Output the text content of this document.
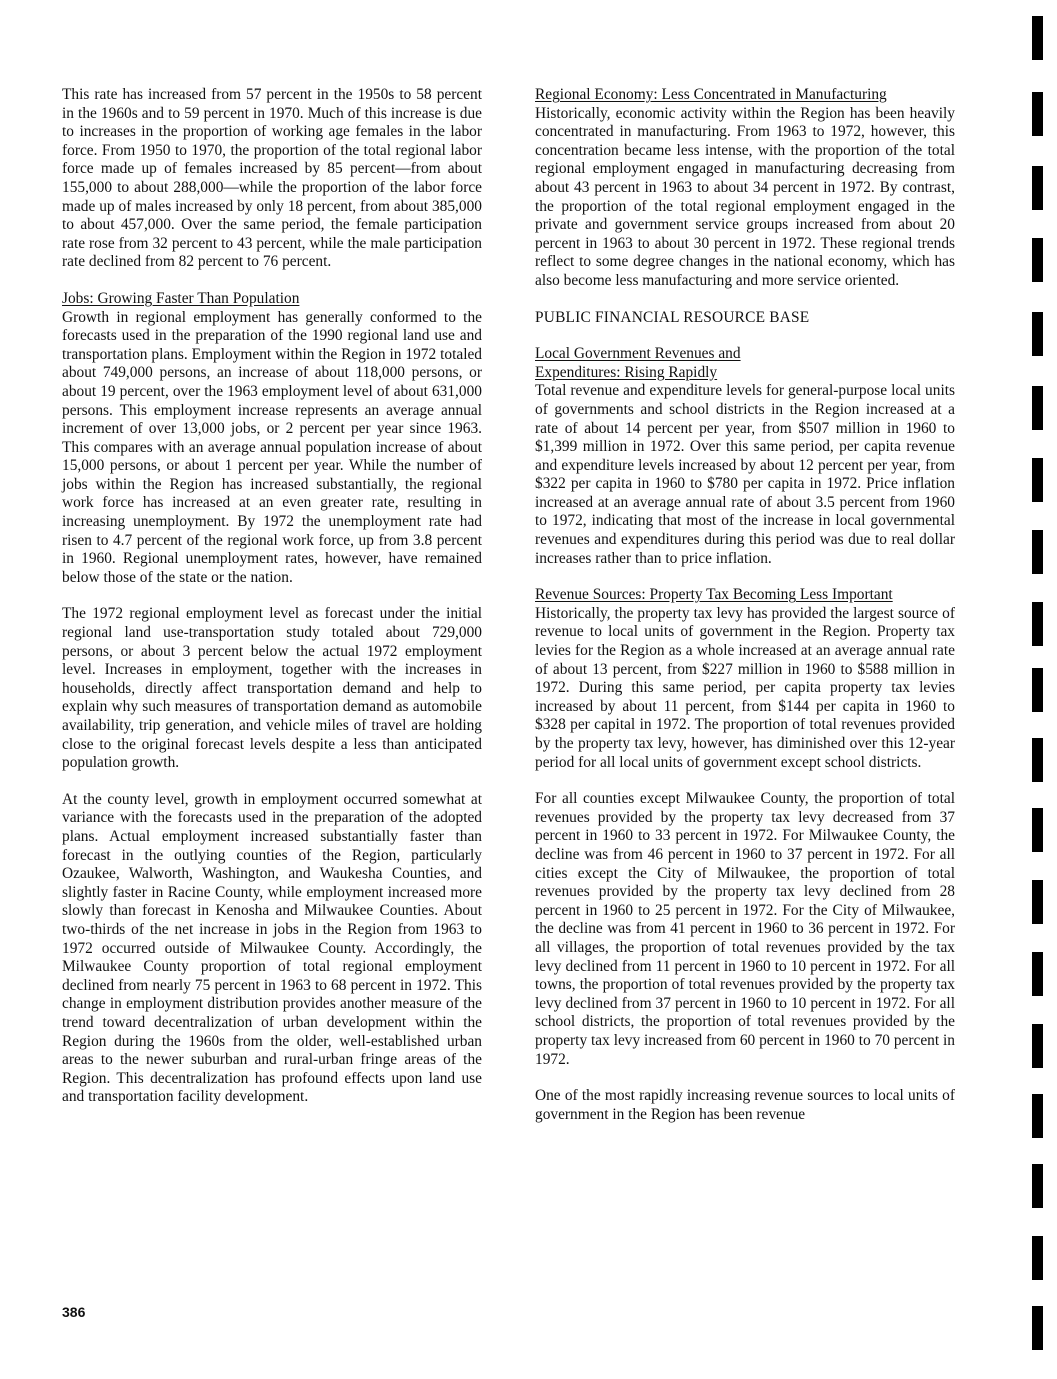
This rate has increased from 57 percent in the 1950s to 58 percent in the 1960s and to 59 percent in 1970. Much of this increase is due to increases in the proportion of working age females in the labor force. From 1950 to 1970, the proportion of the total regional labor force made up of females increased by 85 percent—from about 155,000 to about 288,000—while the proportion of the labor force made up of males increased by only 18 percent, from about 385,000 to about 457,000. Over the same period, the female participation rate rose from 32 percent to 43 percent, while the male participation rate declined from 82 percent to 76 percent.

Jobs: Growing Faster Than Population

Growth in regional employment has generally conformed to the forecasts used in the preparation of the 1990 regional land use and transportation plans. Employment within the Region in 1972 totaled about 749,000 persons, an increase of about 118,000 persons, or about 19 percent, over the 1963 employment level of about 631,000 persons. This employment increase represents an average annual increment of over 13,000 jobs, or 2 percent per year since 1963. This compares with an average annual population increase of about 15,000 persons, or about 1 percent per year. While the number of jobs within the Region has increased substantially, the regional work force has increased at an even greater rate, resulting in increasing unemployment. By 1972 the unemployment rate had risen to 4.7 percent of the regional work force, up from 3.8 percent in 1960. Regional unemployment rates, however, have remained below those of the state or the nation.

The 1972 regional employment level as forecast under the initial regional land use-transportation study totaled about 729,000 persons, or about 3 percent below the actual 1972 employment level. Increases in employment, together with the increases in households, directly affect transportation demand and help to explain why such measures of transportation demand as automobile availability, trip generation, and vehicle miles of travel are holding close to the original forecast levels despite a less than anticipated population growth.

At the county level, growth in employment occurred somewhat at variance with the forecasts used in the preparation of the adopted plans. Actual employment increased substantially faster than forecast in the outlying counties of the Region, particularly Ozaukee, Walworth, Washington, and Waukesha Counties, and slightly faster in Racine County, while employment increased more slowly than forecast in Kenosha and Milwaukee Counties. About two-thirds of the net increase in jobs in the Region from 1963 to 1972 occurred outside of Milwaukee County. Accordingly, the Milwaukee County proportion of total regional employment declined from nearly 75 percent in 1963 to 68 percent in 1972. This change in employment distribution provides another measure of the trend toward decentralization of urban development within the Region during the 1960s from the older, well-established urban areas to the newer suburban and rural-urban fringe areas of the Region. This decentralization has profound effects upon land use and transportation facility development.

Regional Economy: Less Concentrated in Manufacturing

Historically, economic activity within the Region has been heavily concentrated in manufacturing. From 1963 to 1972, however, this concentration became less intense, with the proportion of the total regional employment engaged in manufacturing decreasing from about 43 percent in 1963 to about 34 percent in 1972. By contrast, the proportion of the total regional employment engaged in the private and government service groups increased from about 20 percent in 1963 to about 30 percent in 1972. These regional trends reflect to some degree changes in the national economy, which has also become less manufacturing and more service oriented.

PUBLIC FINANCIAL RESOURCE BASE

Local Government Revenues and

Expenditures: Rising Rapidly

Total revenue and expenditure levels for general-purpose local units of governments and school districts in the Region increased at a rate of about 14 percent per year, from $507 million in 1960 to $1,399 million in 1972. Over this same period, per capita revenue and expenditure levels increased by about 12 percent per year, from $322 per capita in 1960 to $780 per capita in 1972. Price inflation increased at an average annual rate of about 3.5 percent from 1960 to 1972, indicating that most of the increase in local governmental revenues and expenditures during this period was due to real dollar increases rather than to price inflation.

Revenue Sources: Property Tax Becoming Less Important

Historically, the property tax levy has provided the largest source of revenue to local units of government in the Region. Property tax levies for the Region as a whole increased at an average annual rate of about 13 percent, from $227 million in 1960 to $588 million in 1972. During this same period, per capita property tax levies increased by about 11 percent, from $144 per capita in 1960 to $328 per capital in 1972. The proportion of total revenues provided by the property tax levy, however, has diminished over this 12-year period for all local units of government except school districts.

For all counties except Milwaukee County, the proportion of total revenues provided by the property tax levy decreased from 37 percent in 1960 to 33 percent in 1972. For Milwaukee County, the decline was from 46 percent in 1960 to 37 percent in 1972. For all cities except the City of Milwaukee, the proportion of total revenues provided by the property tax levy declined from 28 percent in 1960 to 25 percent in 1972. For the City of Milwaukee, the decline was from 41 percent in 1960 to 36 percent in 1972. For all villages, the proportion of total revenues provided by the tax levy declined from 11 percent in 1960 to 10 percent in 1972. For all towns, the proportion of total revenues provided by the property tax levy declined from 37 percent in 1960 to 10 percent in 1972. For all school districts, the proportion of total revenues provided by the property tax levy increased from 60 percent in 1960 to 70 percent in 1972.

One of the most rapidly increasing revenue sources to local units of government in the Region has been revenue

386
